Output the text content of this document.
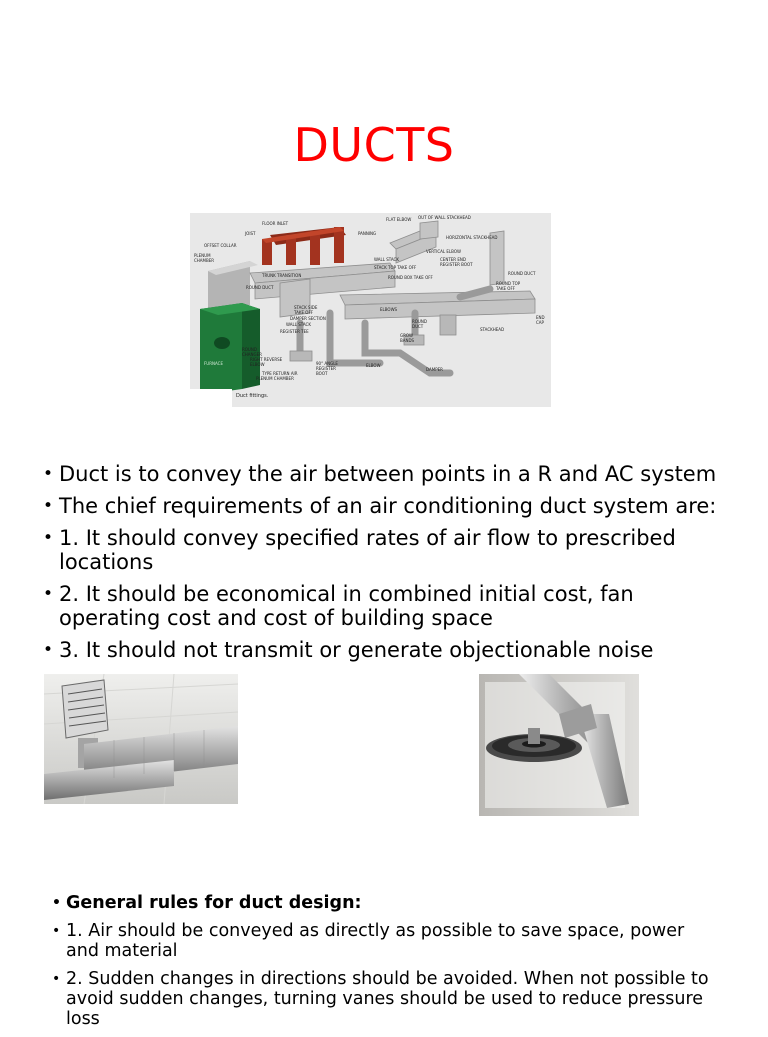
DUCTS
FLOOR INLET
JOIST
OFFSET COLLAR
PLENUM
CHAMBER
PANNING
FLAT ELBOW OUT OF WALL STACKHEAD
HORIZONTAL STACKHEAD
VERTICAL ELBOW
CENTER END
REGISTER BOOT
WALL STACK
STACK TOP TAKE OFF
ROUND DUCT
TRUNK TRANSITION
ROUND DUCT
ROUND BOX TAKE OFF
ROUND TOP
TAKE OFF
STACK SIDE
TAKE OFF
DAMPER SECTION
WALL STACK
REGISTER TEE
ELBOWS
ROUND
DUCT
END
CAP
STACKHEAD
GROW
BANDS
DAMPER
ELBOW
90° ANGLE
REGISTER
BOOT
TYPE RETURN AIR
PLENUM CHAMBER
ROUND
CHANGER
RIGHT REVERSE
ELBOW
FURNACE
Duct fittings.
• Duct is to convey the air between points in a R and AC system
• The chief requirements of an air conditioning duct system are:
• 1. It should convey specified rates of air flow to prescribed locations
• 2. It should be economical in combined initial cost, fan operating cost and cost of building space
• 3. It should not transmit or generate objectionable noise
• General rules for duct design:
• 1. Air should be conveyed as directly as possible to save space, power and material
• 2. Sudden changes in directions should be avoided. When not possible to avoid sudden changes, turning vanes should be used to reduce pressure loss
